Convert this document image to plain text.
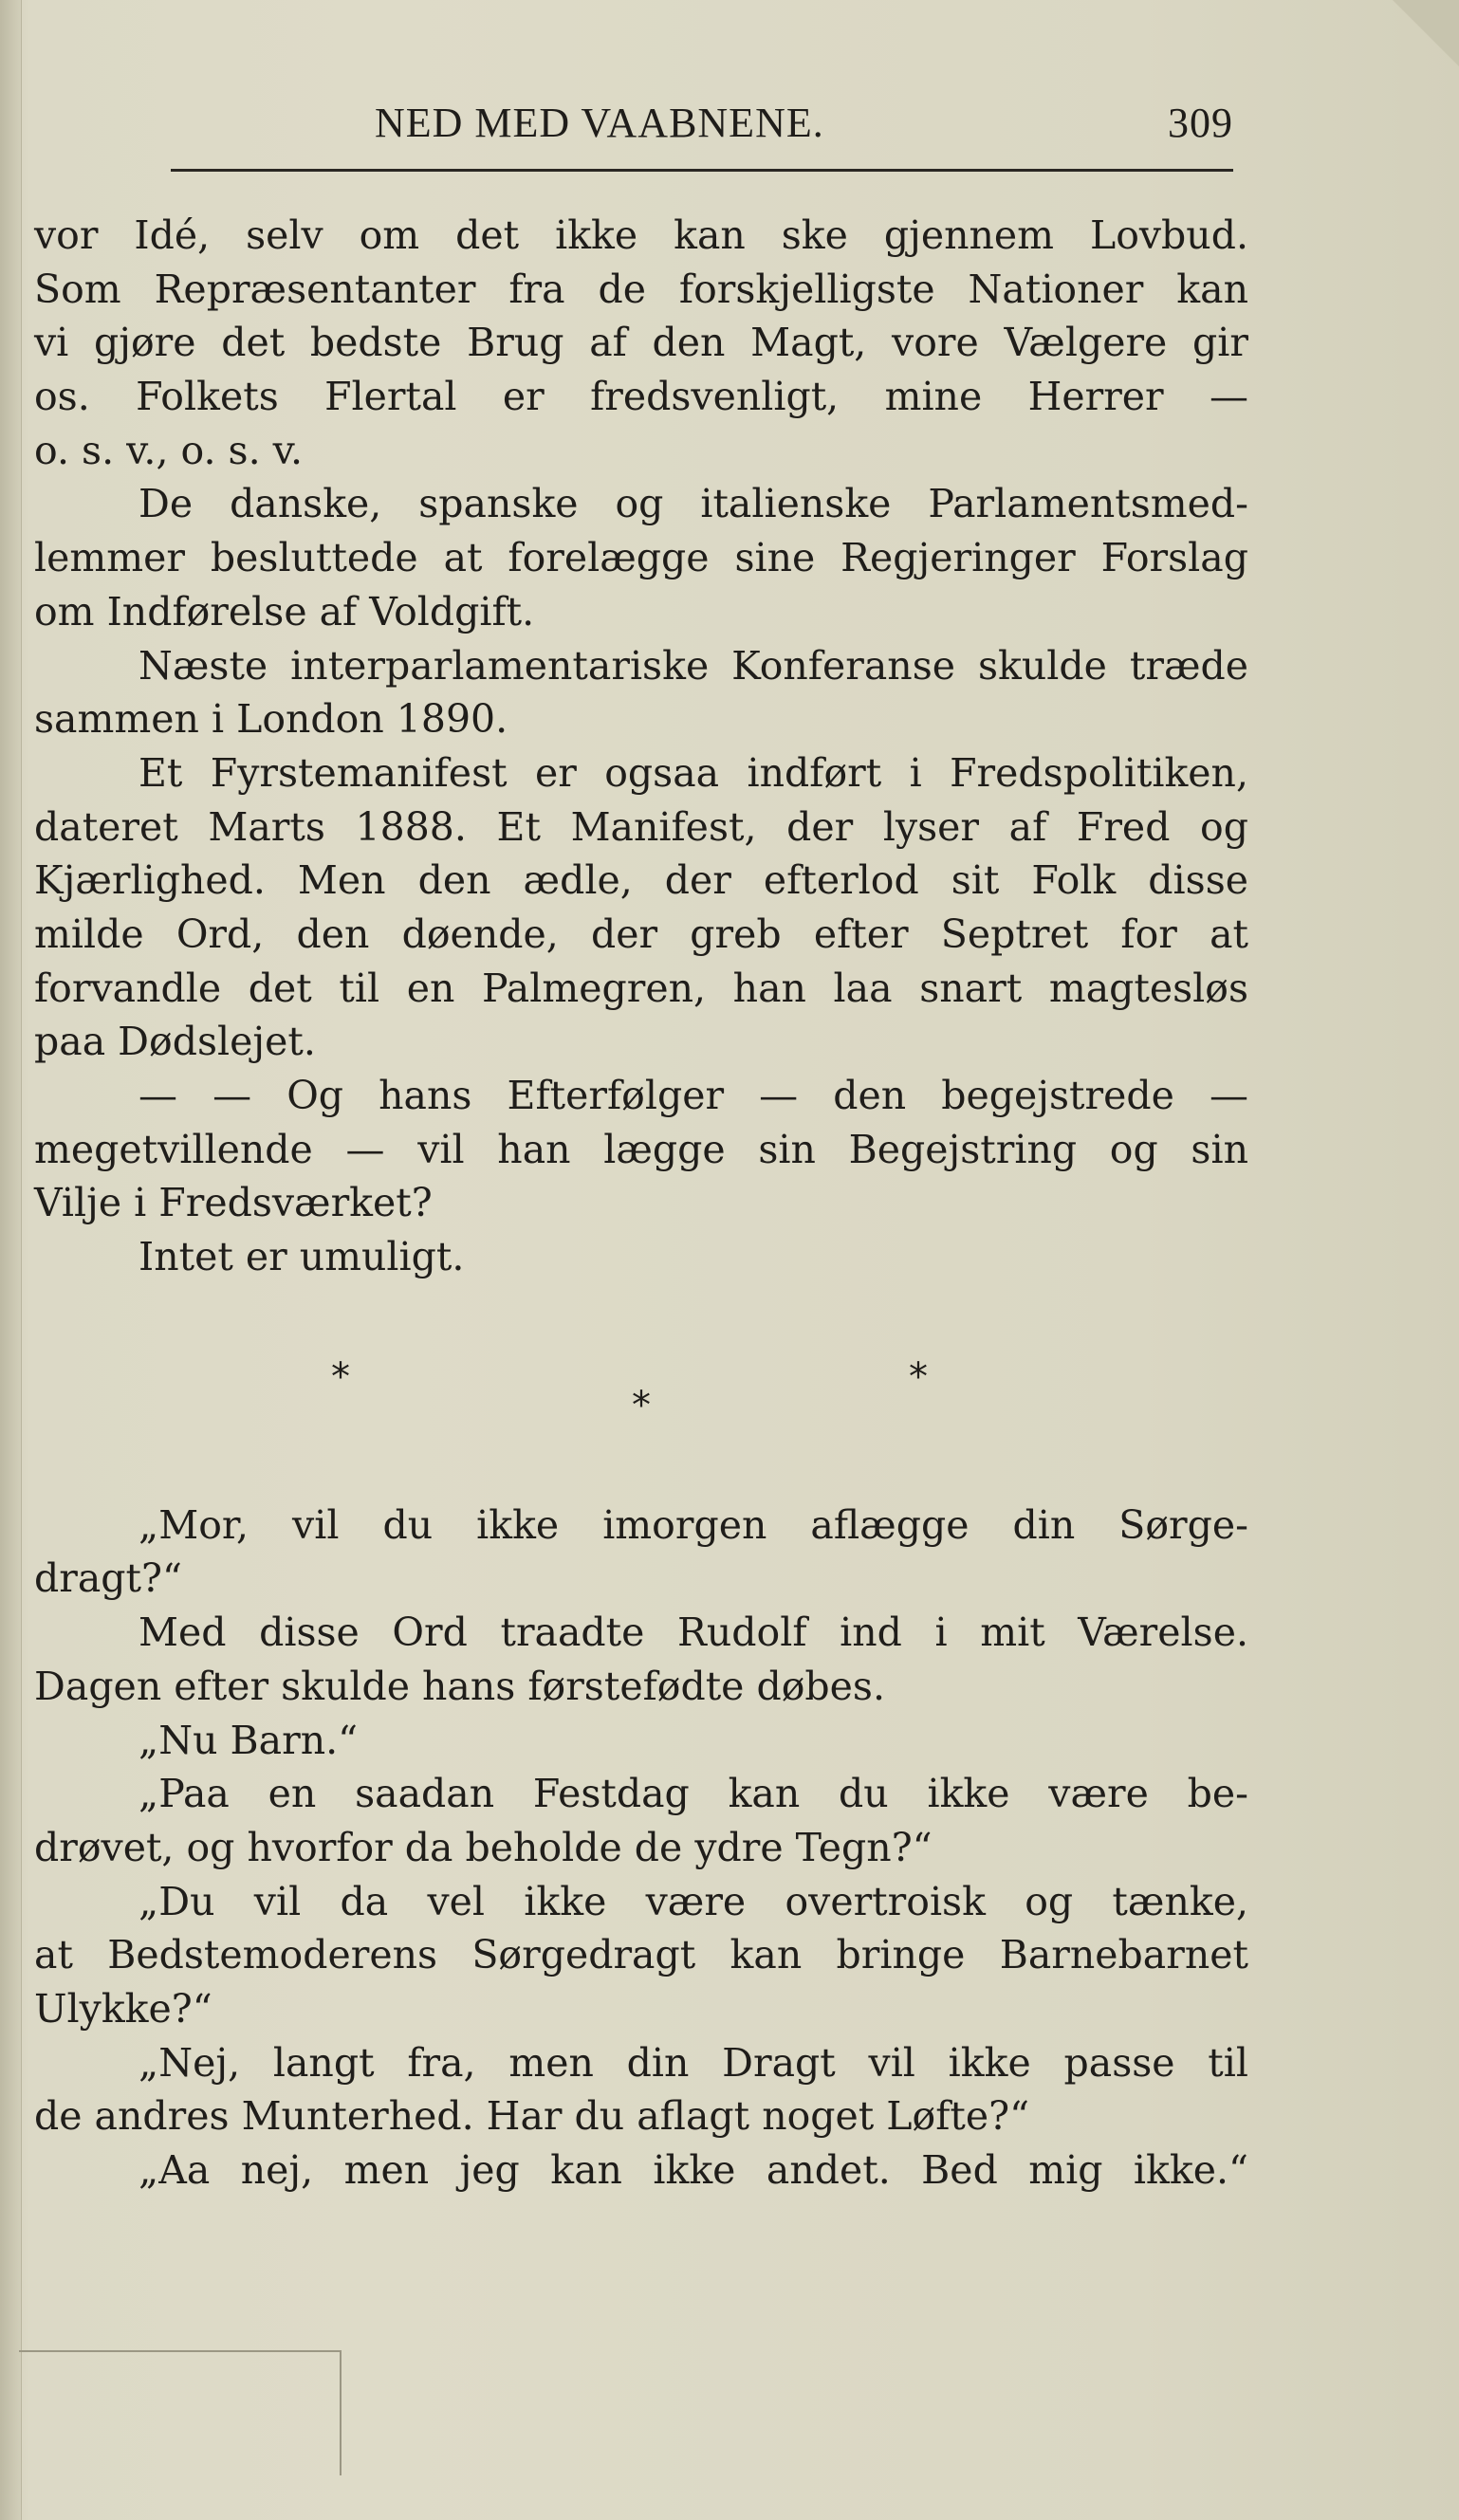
NED MED VAABNENE.	309
vor Idé, selv om det ikke kan ske gjennem Lovbud.
Som Repræsentanter fra de forskjelligste Nationer kan
vi gjøre det bedste Brug af den Magt, vore Vælgere gir
os. Folkets Flertal er fredsvenligt, mine Herrer —
o. s. v., o. s. v.
De danske, spanske og italienske Parlamentsmed-
lemmer besluttede at forelægge sine Regjeringer Forslag
om Indførelse af Voldgift.
Næste interparlamentariske Konferanse skulde træde
sammen i London 1890.
Et Fyrstemanifest er ogsaa indført i Fredspolitiken,
dateret Marts 1888. Et Manifest, der lyser af Fred og
Kjærlighed. Men den ædle, der efterlod sit Folk disse
milde Ord, den døende, der greb efter Septret for at
forvandle det til en Palmegren, han laa snart magtesløs
paa Dødslejet.
— — Og hans Efterfølger — den begejstrede —
megetvillende — vil han lægge sin Begejstring og sin
Vilje i Fredsværket?
Intet er umuligt.
*
*
*
„Mor, vil du ikke imorgen aflægge din Sørge-
dragt?“
Med disse Ord traadte Rudolf ind i mit Værelse.
Dagen efter skulde hans førstefødte døbes.
„Nu Barn.“
„Paa en saadan Festdag kan du ikke være be-
drøvet, og hvorfor da beholde de ydre Tegn?“
„Du vil da vel ikke være overtroisk og tænke,
at Bedstemoderens Sørgedragt kan bringe Barnebarnet
Ulykke?“
„Nej, langt fra, men din Dragt vil ikke passe til
de andres Munterhed. Har du aflagt noget Løfte?“
„Aa nej, men jeg kan ikke andet. Bed mig ikke.“
